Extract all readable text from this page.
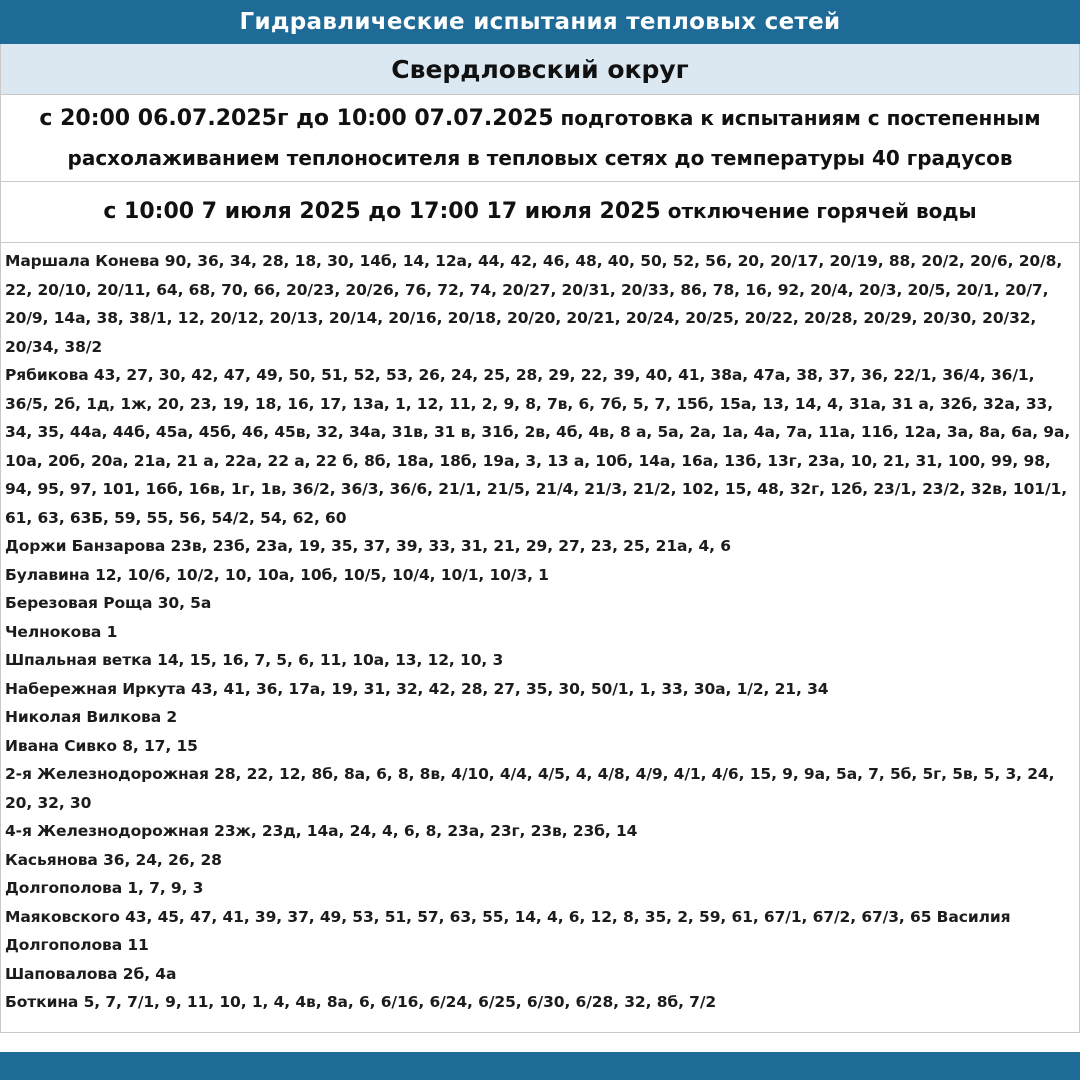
Гидравлические испытания тепловых сетей
Свердловский округ
с 20:00 06.07.2025г до 10:00 07.07.2025 подготовка к испытаниям с постепенным
расхолаживанием теплоносителя в тепловых сетях до температуры 40 градусов
с 10:00 7 июля 2025 до 17:00 17 июля 2025 отключение горячей воды

Маршала Конева 90, 36, 34, 28, 18, 30, 14б, 14, 12а, 44, 42, 46, 48, 40, 50, 52, 56, 20, 20/17, 20/19, 88, 20/2, 20/6, 20/8, 22, 20/10, 20/11, 64, 68, 70, 66, 20/23, 20/26, 76, 72, 74, 20/27, 20/31, 20/33, 86, 78, 16, 92, 20/4, 20/3, 20/5, 20/1, 20/7, 20/9, 14а, 38, 38/1, 12, 20/12, 20/13, 20/14, 20/16, 20/18, 20/20, 20/21, 20/24, 20/25, 20/22, 20/28, 20/29, 20/30, 20/32, 20/34, 38/2

Рябикова 43, 27, 30, 42, 47, 49, 50, 51, 52, 53, 26, 24, 25, 28, 29, 22, 39, 40, 41, 38а, 47а, 38, 37, 36, 22/1, 36/4, 36/1, 36/5, 2б, 1д, 1ж, 20, 23, 19, 18, 16, 17, 13а, 1, 12, 11, 2, 9, 8, 7в, 6, 7б, 5, 7, 15б, 15а, 13, 14, 4, 31а, 31 а, 32б, 32а, 33, 34, 35, 44а, 44б, 45а, 45б, 46, 45в, 32, 34а, 31в, 31 в, 31б, 2в, 4б, 4в, 8 а, 5а, 2а, 1а, 4а, 7а, 11а, 11б, 12а, 3а, 8а, 6а, 9а, 10а, 20б, 20а, 21а, 21 а, 22а, 22 а, 22 б, 8б, 18а, 18б, 19а, 3, 13 а, 10б, 14а, 16а, 13б, 13г, 23а, 10, 21, 31, 100, 99, 98, 94, 95, 97, 101, 16б, 16в, 1г, 1в, 36/2, 36/3, 36/6, 21/1, 21/5, 21/4, 21/3, 21/2, 102, 15, 48, 32г, 12б, 23/1, 23/2, 32в, 101/1, 61, 63, 63Б, 59, 55, 56, 54/2, 54, 62, 60

Доржи Банзарова 23в, 23б, 23а, 19, 35, 37, 39, 33, 31, 21, 29, 27, 23, 25, 21а, 4, 6

Булавина 12, 10/6, 10/2, 10, 10а, 10б, 10/5, 10/4, 10/1, 10/3, 1

Березовая Роща 30, 5а

Челнокова 1

Шпальная ветка 14, 15, 16, 7, 5, 6, 11, 10а, 13, 12, 10, 3

Набережная Иркута 43, 41, 36, 17а, 19, 31, 32, 42, 28, 27, 35, 30, 50/1, 1, 33, 30а, 1/2, 21, 34

Николая Вилкова 2

Ивана Сивко 8, 17, 15

2-я Железнодорожная 28, 22, 12, 8б, 8а, 6, 8, 8в, 4/10, 4/4, 4/5, 4, 4/8, 4/9, 4/1, 4/6, 15, 9, 9а, 5а, 7, 5б, 5г, 5в, 5, 3, 24, 20, 32, 30

4-я Железнодорожная 23ж, 23д, 14а, 24, 4, 6, 8, 23а, 23г, 23в, 23б, 14

Касьянова 36, 24, 26, 28

Долгополова 1, 7, 9, 3

Маяковского 43, 45, 47, 41, 39, 37, 49, 53, 51, 57, 63, 55, 14, 4, 6, 12, 8, 35, 2, 59, 61, 67/1, 67/2, 67/3, 65 Василия Долгополова 11

Шаповалова 2б, 4а

Боткина 5, 7, 7/1, 9, 11, 10, 1, 4, 4в, 8а, 6, 6/16, 6/24, 6/25, 6/30, 6/28, 32, 8б, 7/2
